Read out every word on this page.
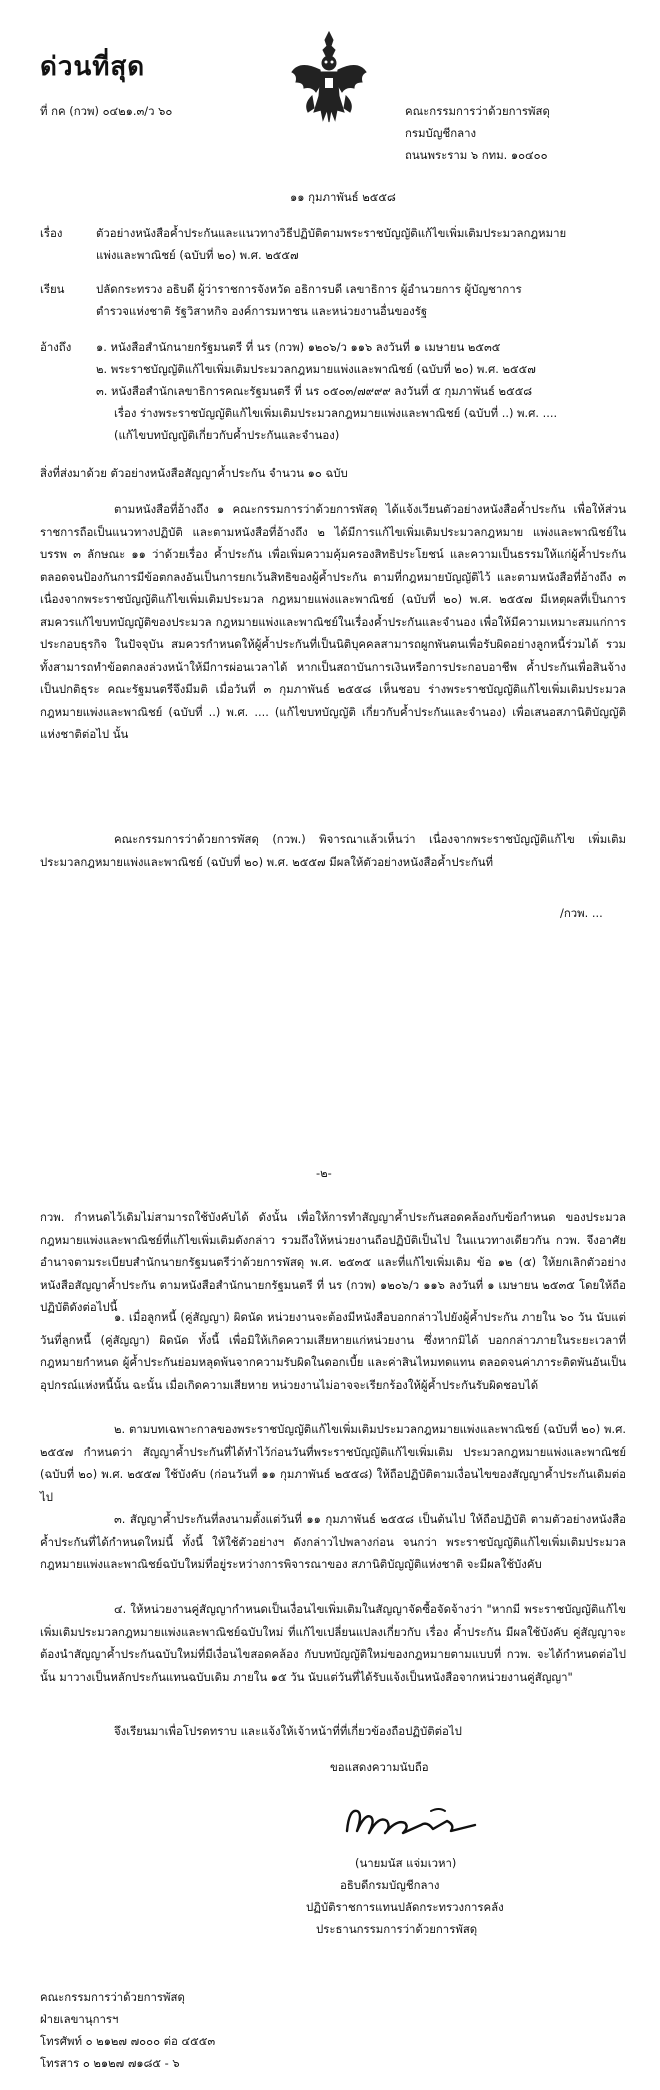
ด่วนที่สุด
ที่ กค (กวพ) ๐๔๒๑.๓/ว ๖๐	คณะกรรมการว่าด้วยการพัสดุ
กรมบัญชีกลาง
ถนนพระราม ๖ กทม. ๑๐๔๐๐
๑๑ กุมภาพันธ์ ๒๕๕๘
เรื่อง	ตัวอย่างหนังสือค้ำประกันและแนวทางวิธีปฏิบัติตามพระราชบัญญัติแก้ไขเพิ่มเติมประมวลกฎหมาย
แพ่งและพาณิชย์ (ฉบับที่ ๒๐) พ.ศ. ๒๕๕๗
เรียน	ปลัดกระทรวง อธิบดี ผู้ว่าราชการจังหวัด อธิการบดี เลขาธิการ ผู้อำนวยการ ผู้บัญชาการ
ตำรวจแห่งชาติ รัฐวิสาหกิจ องค์การมหาชน และหน่วยงานอื่นของรัฐ
อ้างถึง ๑. หนังสือสำนักนายกรัฐมนตรี ที่ นร (กวพ) ๑๒๐๖/ว ๑๑๖ ลงวันที่ ๑ เมษายน ๒๕๓๕
๒. พระราชบัญญัติแก้ไขเพิ่มเติมประมวลกฎหมายแพ่งและพาณิชย์ (ฉบับที่ ๒๐) พ.ศ. ๒๕๕๗
๓. หนังสือสำนักเลขาธิการคณะรัฐมนตรี ที่ นร ๐๕๐๓/๗๙๙๙ ลงวันที่ ๕ กุมภาพันธ์ ๒๕๕๘
เรื่อง ร่างพระราชบัญญัติแก้ไขเพิ่มเติมประมวลกฎหมายแพ่งและพาณิชย์ (ฉบับที่ ..) พ.ศ. ....
(แก้ไขบทบัญญัติเกี่ยวกับค้ำประกันและจำนอง)
สิ่งที่ส่งมาด้วย ตัวอย่างหนังสือสัญญาค้ำประกัน จำนวน ๑๐ ฉบับ
ตามหนังสือที่อ้างถึง ๑ คณะกรรมการว่าด้วยการพัสดุ ได้แจ้งเวียนตัวอย่างหนังสือค้ำประกัน เพื่อให้ส่วนราชการถือเป็นแนวทางปฏิบัติ และตามหนังสือที่อ้างถึง ๒ ได้มีการแก้ไขเพิ่มเติมประมวลกฎหมาย แพ่งและพาณิชย์ในบรรพ ๓ ลักษณะ ๑๑ ว่าด้วยเรื่อง ค้ำประกัน เพื่อเพิ่มความคุ้มครองสิทธิประโยชน์ และความเป็นธรรมให้แก่ผู้ค้ำประกัน ตลอดจนป้องกันการมีข้อตกลงอันเป็นการยกเว้นสิทธิของผู้ค้ำประกัน ตามที่กฎหมายบัญญัติไว้ และตามหนังสือที่อ้างถึง ๓ เนื่องจากพระราชบัญญัติแก้ไขเพิ่มเติมประมวล กฎหมายแพ่งและพาณิชย์ (ฉบับที่ ๒๐) พ.ศ. ๒๕๕๗ มีเหตุผลที่เป็นการสมควรแก้ไขบทบัญญัติของประมวล กฎหมายแพ่งและพาณิชย์ในเรื่องค้ำประกันและจำนอง เพื่อให้มีความเหมาะสมแก่การประกอบธุรกิจ ในปัจจุบัน สมควรกำหนดให้ผู้ค้ำประกันที่เป็นนิติบุคคลสามารถผูกพันตนเพื่อรับผิดอย่างลูกหนี้ร่วมได้ รวมทั้งสามารถทำข้อตกลงล่วงหน้าให้มีการผ่อนเวลาได้ หากเป็นสถาบันการเงินหรือการประกอบอาชีพ ค้ำประกันเพื่อสินจ้างเป็นปกติธุระ คณะรัฐมนตรีจึงมีมติ เมื่อวันที่ ๓ กุมภาพันธ์ ๒๕๕๘ เห็นชอบ ร่างพระราชบัญญัติแก้ไขเพิ่มเติมประมวลกฎหมายแพ่งและพาณิชย์ (ฉบับที่ ..) พ.ศ. .... (แก้ไขบทบัญญัติ เกี่ยวกับค้ำประกันและจำนอง) เพื่อเสนอสภานิติบัญญัติแห่งชาติต่อไป นั้น
คณะกรรมการว่าด้วยการพัสดุ (กวพ.) พิจารณาแล้วเห็นว่า เนื่องจากพระราชบัญญัติแก้ไข เพิ่มเติมประมวลกฎหมายแพ่งและพาณิชย์ (ฉบับที่ ๒๐) พ.ศ. ๒๕๕๗ มีผลให้ตัวอย่างหนังสือค้ำประกันที่
/กวพ. ...
-๒-
กวพ. กำหนดไว้เดิมไม่สามารถใช้บังคับได้ ดังนั้น เพื่อให้การทำสัญญาค้ำประกันสอดคล้องกับข้อกำหนด ของประมวลกฎหมายแพ่งและพาณิชย์ที่แก้ไขเพิ่มเติมดังกล่าว รวมถึงให้หน่วยงานถือปฏิบัติเป็นไป ในแนวทางเดียวกัน กวพ. จึงอาศัยอำนาจตามระเบียบสำนักนายกรัฐมนตรีว่าด้วยการพัสดุ พ.ศ. ๒๕๓๕ และที่แก้ไขเพิ่มเติม ข้อ ๑๒ (๕) ให้ยกเลิกตัวอย่างหนังสือสัญญาค้ำประกัน ตามหนังสือสำนักนายกรัฐมนตรี ที่ นร (กวพ) ๑๒๐๖/ว ๑๑๖ ลงวันที่ ๑ เมษายน ๒๕๓๕ โดยให้ถือปฏิบัติดังต่อไปนี้
๑. เมื่อลูกหนี้ (คู่สัญญา) ผิดนัด หน่วยงานจะต้องมีหนังสือบอกกล่าวไปยังผู้ค้ำประกัน ภายใน ๖๐ วัน นับแต่วันที่ลูกหนี้ (คู่สัญญา) ผิดนัด ทั้งนี้ เพื่อมิให้เกิดความเสียหายแก่หน่วยงาน ซึ่งหากมิได้ บอกกล่าวภายในระยะเวลาที่กฎหมายกำหนด ผู้ค้ำประกันย่อมหลุดพ้นจากความรับผิดในดอกเบี้ย และค่าสินไหมทดแทน ตลอดจนค่าภาระติดพันอันเป็นอุปกรณ์แห่งหนี้นั้น ฉะนั้น เมื่อเกิดความเสียหาย หน่วยงานไม่อาจจะเรียกร้องให้ผู้ค้ำประกันรับผิดชอบได้
๒. ตามบทเฉพาะกาลของพระราชบัญญัติแก้ไขเพิ่มเติมประมวลกฎหมายแพ่งและพาณิชย์ (ฉบับที่ ๒๐) พ.ศ. ๒๕๕๗ กำหนดว่า สัญญาค้ำประกันที่ได้ทำไว้ก่อนวันที่พระราชบัญญัติแก้ไขเพิ่มเติม ประมวลกฎหมายแพ่งและพาณิชย์ (ฉบับที่ ๒๐) พ.ศ. ๒๕๕๗ ใช้บังคับ (ก่อนวันที่ ๑๑ กุมภาพันธ์ ๒๕๕๘) ให้ถือปฏิบัติตามเงื่อนไขของสัญญาค้ำประกันเดิมต่อไป
๓. สัญญาค้ำประกันที่ลงนามตั้งแต่วันที่ ๑๑ กุมภาพันธ์ ๒๕๕๘ เป็นต้นไป ให้ถือปฏิบัติ ตามตัวอย่างหนังสือค้ำประกันที่ได้กำหนดใหม่นี้ ทั้งนี้ ให้ใช้ตัวอย่างฯ ดังกล่าวไปพลางก่อน จนกว่า พระราชบัญญัติแก้ไขเพิ่มเติมประมวลกฎหมายแพ่งและพาณิชย์ฉบับใหม่ที่อยู่ระหว่างการพิจารณาของ สภานิติบัญญัติแห่งชาติ จะมีผลใช้บังคับ
๔. ให้หน่วยงานคู่สัญญากำหนดเป็นเงื่อนไขเพิ่มเติมในสัญญาจัดซื้อจัดจ้างว่า "หากมี พระราชบัญญัติแก้ไขเพิ่มเติมประมวลกฎหมายแพ่งและพาณิชย์ฉบับใหม่ ที่แก้ไขเปลี่ยนแปลงเกี่ยวกับ เรื่อง ค้ำประกัน มีผลใช้บังคับ คู่สัญญาจะต้องนำสัญญาค้ำประกันฉบับใหม่ที่มีเงื่อนไขสอดคล้อง กับบทบัญญัติใหม่ของกฎหมายตามแบบที่ กวพ. จะได้กำหนดต่อไปนั้น มาวางเป็นหลักประกันแทนฉบับเดิม ภายใน ๑๕ วัน นับแต่วันที่ได้รับแจ้งเป็นหนังสือจากหน่วยงานคู่สัญญา"
จึงเรียนมาเพื่อโปรดทราบ และแจ้งให้เจ้าหน้าที่ที่เกี่ยวข้องถือปฏิบัติต่อไป
ขอแสดงความนับถือ
(นายมนัส แจ่มเวหา)
อธิบดีกรมบัญชีกลาง
ปฏิบัติราชการแทนปลัดกระทรวงการคลัง
ประธานกรรมการว่าด้วยการพัสดุ
คณะกรรมการว่าด้วยการพัสดุ
ฝ่ายเลขานุการฯ
โทรศัพท์ ๐ ๒๑๒๗ ๗๐๐๐ ต่อ ๔๕๕๓
โทรสาร ๐ ๒๑๒๗ ๗๑๘๕ - ๖
